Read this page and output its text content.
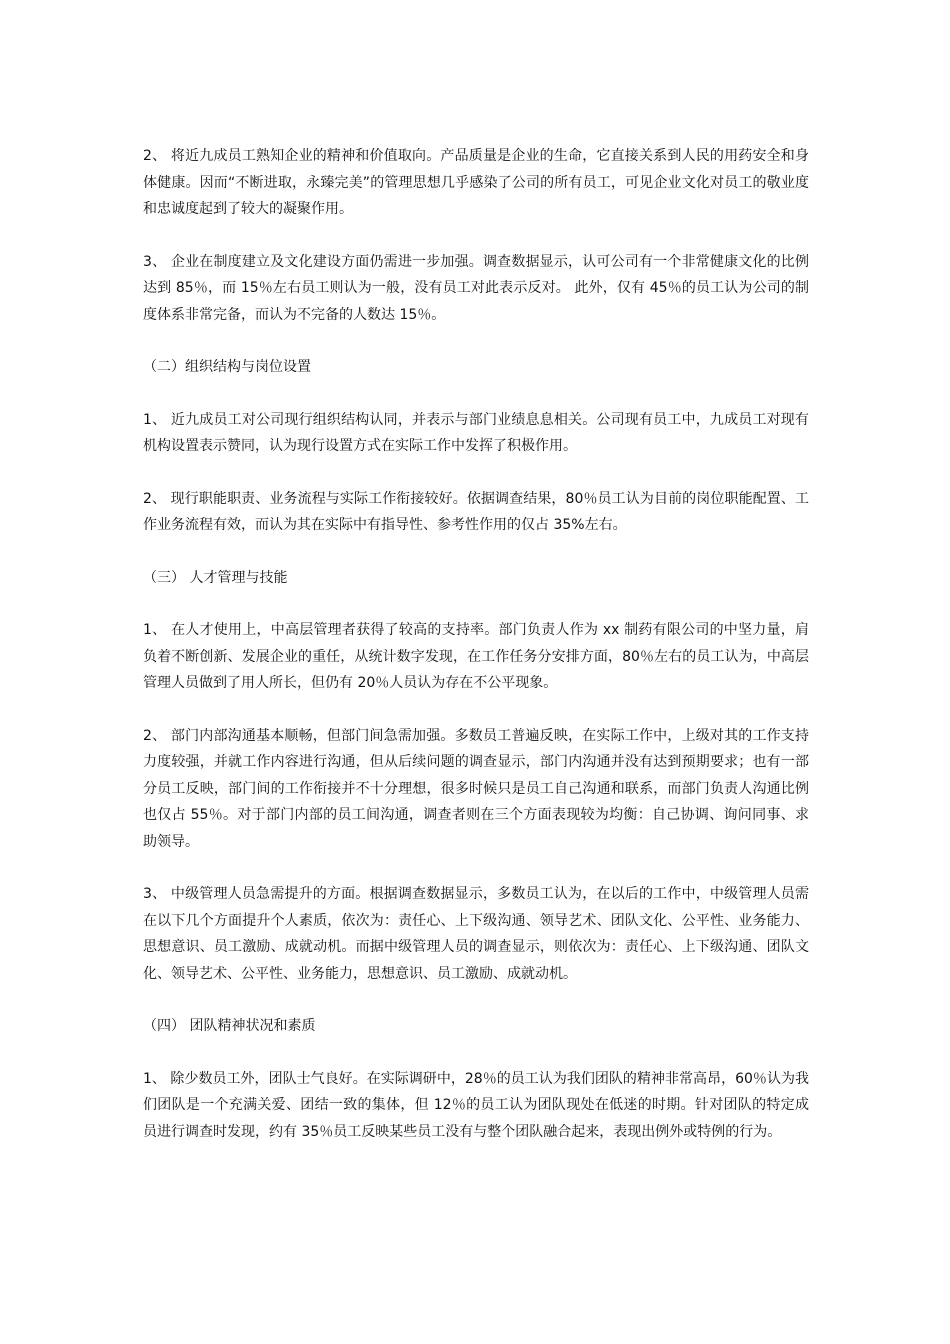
2、 将近九成员工熟知企业的精神和价值取向。产品质量是企业的生命，它直接关系到人民的用药安全和身体健康。因而“不断进取，永臻完美”的管理思想几乎感染了公司的所有员工，可见企业文化对员工的敬业度和忠诚度起到了较大的凝聚作用。

3、 企业在制度建立及文化建设方面仍需进一步加强。调查数据显示，认可公司有一个非常健康文化的比例达到 85％，而 15％左右员工则认为一般，没有员工对此表示反对。 此外，仅有 45％的员工认为公司的制度体系非常完备，而认为不完备的人数达 15％。

（二）组织结构与岗位设置

1、 近九成员工对公司现行组织结构认同，并表示与部门业绩息息相关。公司现有员工中，九成员工对现有机构设置表示赞同，认为现行设置方式在实际工作中发挥了积极作用。

2、 现行职能职责、业务流程与实际工作衔接较好。依据调查结果，80％员工认为目前的岗位职能配置、工作业务流程有效，而认为其在实际中有指导性、参考性作用的仅占 35%左右。

（三） 人才管理与技能

1、 在人才使用上，中高层管理者获得了较高的支持率。部门负责人作为 xx 制药有限公司的中坚力量，肩负着不断创新、发展企业的重任，从统计数字发现，在工作任务分安排方面，80％左右的员工认为，中高层管理人员做到了用人所长，但仍有 20％人员认为存在不公平现象。

2、 部门内部沟通基本顺畅，但部门间急需加强。多数员工普遍反映，在实际工作中，上级对其的工作支持力度较强，并就工作内容进行沟通，但从后续问题的调查显示，部门内沟通并没有达到预期要求；也有一部分员工反映，部门间的工作衔接并不十分理想，很多时候只是员工自己沟通和联系，而部门负责人沟通比例也仅占 55％。对于部门内部的员工间沟通，调查者则在三个方面表现较为均衡：自己协调、询问同事、求助领导。

3、 中级管理人员急需提升的方面。根据调查数据显示，多数员工认为，在以后的工作中，中级管理人员需在以下几个方面提升个人素质，依次为：责任心、上下级沟通、领导艺术、团队文化、公平性、业务能力、思想意识、员工激励、成就动机。而据中级管理人员的调查显示，则依次为：责任心、上下级沟通、团队文化、领导艺术、公平性、业务能力，思想意识、员工激励、成就动机。

（四） 团队精神状况和素质

1、 除少数员工外，团队士气良好。在实际调研中，28％的员工认为我们团队的精神非常高昂，60％认为我们团队是一个充满关爱、团结一致的集体，但 12％的员工认为团队现处在低迷的时期。针对团队的特定成员进行调查时发现，约有 35％员工反映某些员工没有与整个团队融合起来，表现出例外或特例的行为。
